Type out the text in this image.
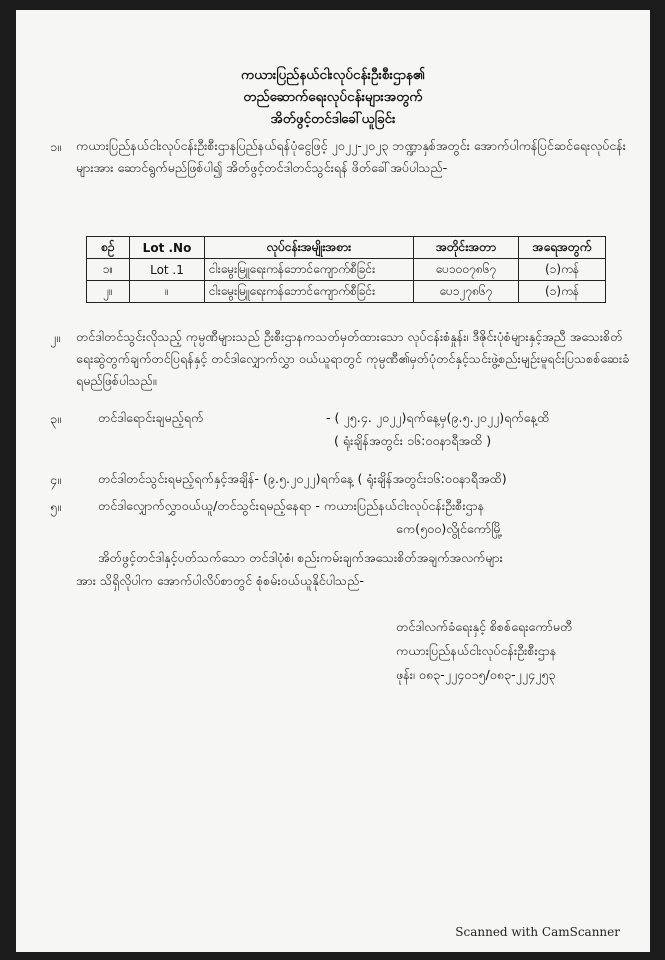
ကယားပြည်နယ်ငါးလုပ်ငန်းဦးစီးဌာန၏
တည်ဆောက်ရေးလုပ်ငန်းများအတွက်
အိတ်ဖွင့်တင်ဒါခေါ်ယူခြင်း
၁။ ကယားပြည်နယ်ငါးလုပ်ငန်းဦးစီးဌာနပြည်နယ်ရန်ပုံငွေဖြင့် ၂၀၂၂-၂၀၂၃ ဘဏ္ဍာနှစ်အတွင်း အောက်ပါကန်ပြင်ဆင်ရေးလုပ်ငန်းများအား ဆောင်ရွက်မည်ဖြစ်ပါ၍ အိတ်ဖွင့်တင်ဒါတင်သွင်းရန် ဖိတ်ခေါ်အပ်ပါသည်-
စဉ်	Lot .No	လုပ်ငန်းအမျိုးအစား	အတိုင်းအတာ	အရေအတွက်
၁။	Lot .1	ငါးမွေးမြူရေးကန်ဘောင်ကျောက်စီခြင်း	ပေ၁၀၀၇၈၆၇	(၁)ကန်
၂။	။	ငါးမွေးမြူရေးကန်ဘောင်ကျောက်စီခြင်း	ပေ၁၂၇၈၆၇	(၁)ကန်
၂။ တင်ဒါတင်သွင်းလိုသည့် ကုမ္ပဏီများသည် ဦးစီးဌာနကသတ်မှတ်ထားသော လုပ်ငန်းစံနှုန်း၊ ဒီဇိုင်းပုံစံများနှင့်အညီ အသေးစိတ်ရေးဆွဲတွက်ချက်တင်ပြရန်နှင့် တင်ဒါလျှောက်လွှာ ဝယ်ယူရာတွင် ကုမ္ပဏီ၏မှတ်ပုံတင်နှင့်သင်းဖွဲ့စည်းမျဉ်းမူရင်းပြသစစ်ဆေးခံရမည်ဖြစ်ပါသည်။
၃။	တင်ဒါရောင်းချမည့်ရက်	- ( ၂၅.၄. ၂၀၂၂)ရက်နေ့မှ(၉.၅.၂၀၂၂)ရက်နေ့ထိ
( ရုံးချိန်အတွင်း ၁၆:၀၀နာရီအထိ )
၄။	တင်ဒါတင်သွင်းရမည့်ရက်နှင့်အချိန်- (၉.၅.၂၀၂၂)ရက်နေ့ ( ရုံးချိန်အတွင်း၁၆:၀၀နာရီအထိ)
၅။	တင်ဒါလျှောက်လွှာဝယ်ယူ/တင်သွင်းရမည့်နေရာ - ကယားပြည်နယ်ငါးလုပ်ငန်းဦးစီးဌာန
ကေ(၅၀၀)လွိုင်ကော်မြို့
အိတ်ဖွင့်တင်ဒါနှင့်ပတ်သက်သော တင်ဒါပုံစံ၊ စည်းကမ်းချက်အသေးစိတ်အချက်အလက်များ
အား သိရှိလိုပါက အောက်ပါလိပ်စာတွင် စုံစမ်းဝယ်ယူနိုင်ပါသည်-
တင်ဒါလက်ခံရေးနှင့် စိစစ်ရေးကော်မတီ
ကယားပြည်နယ်ငါးလုပ်ငန်းဦးစီးဌာန
ဖုန်း၊ ၀၈၃-၂၂၄၀၁၅/၀၈၃-၂၂၄၂၅၃
Scanned with CamScanner
